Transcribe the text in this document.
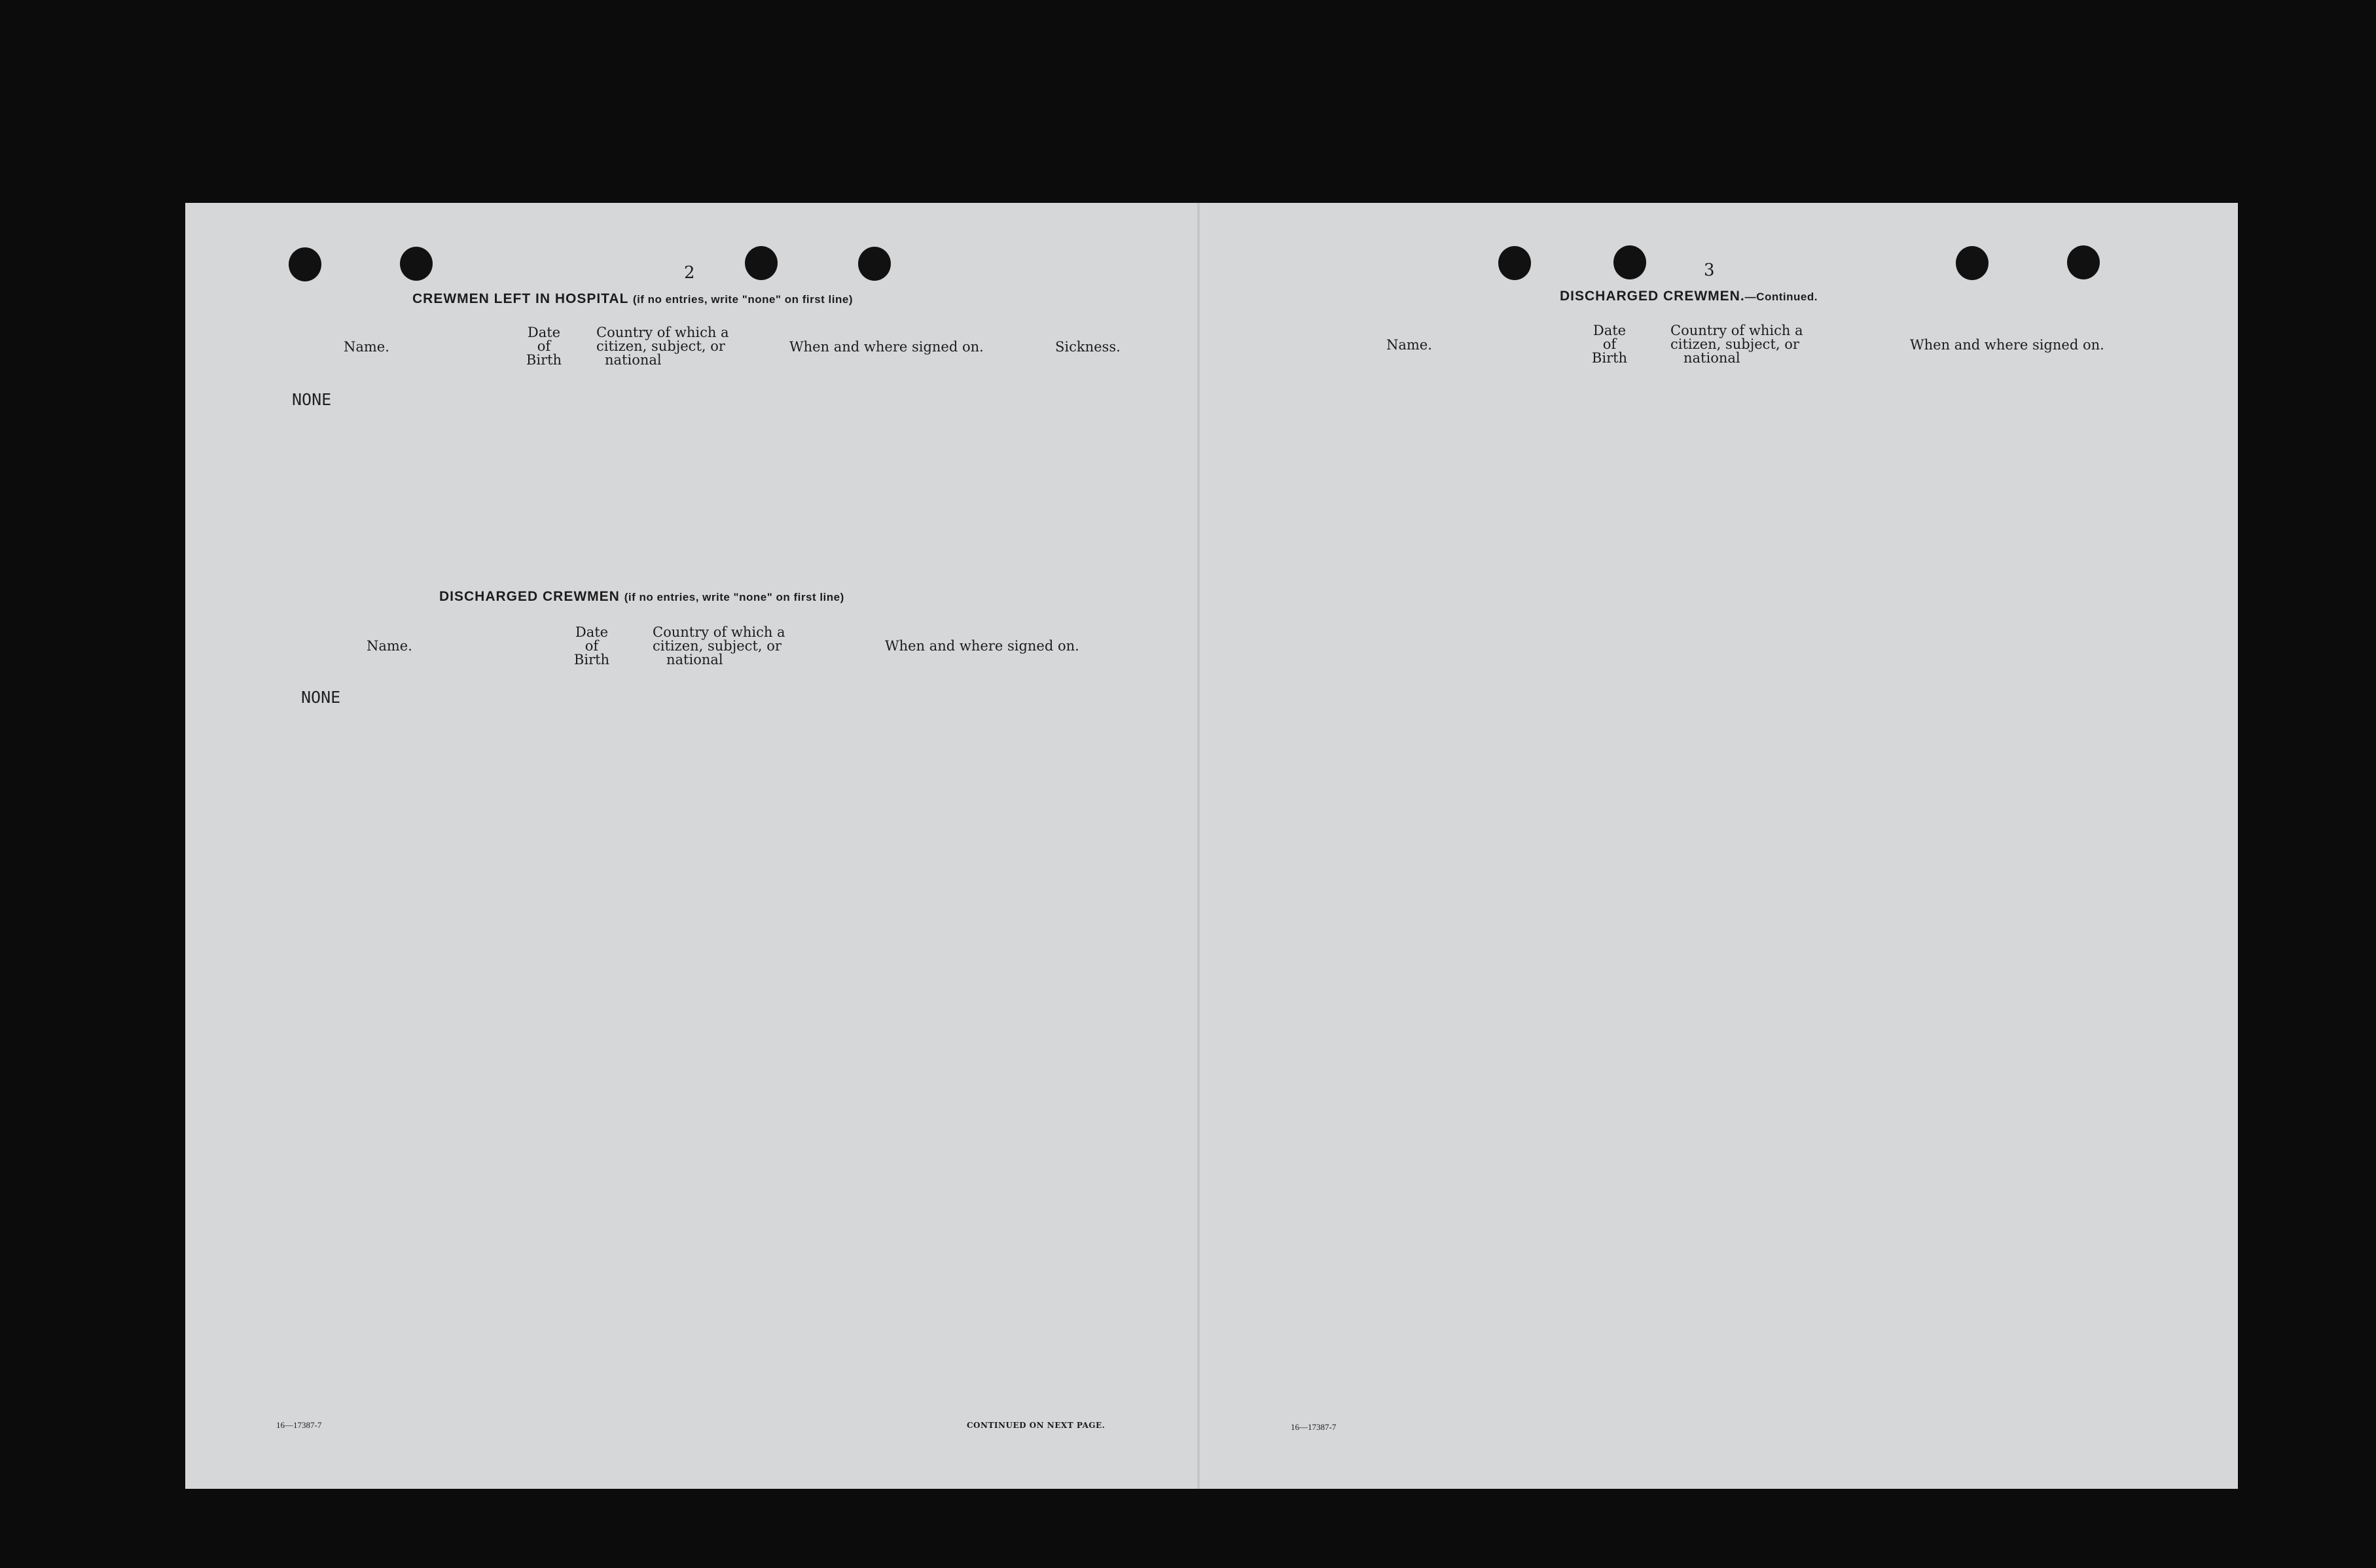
2
CREWMEN LEFT IN HOSPITAL (if no entries, write "none" on first line)
Name.
Date
of
Birth
Country of which a
citizen, subject, or
national
When and where signed on.	Sickness.
NONE
DISCHARGED CREWMEN (if no entries, write "none" on first line)
Name.
Date
of
Birth
Country of which a
citizen, subject, or
national
When and where signed on.
NONE
16—17387-7	CONTINUED ON NEXT PAGE.
3
DISCHARGED CREWMEN.—Continued.
Name.
Date
of
Birth
Country of which a
citizen, subject, or
national
When and where signed on.
16—17387-7
